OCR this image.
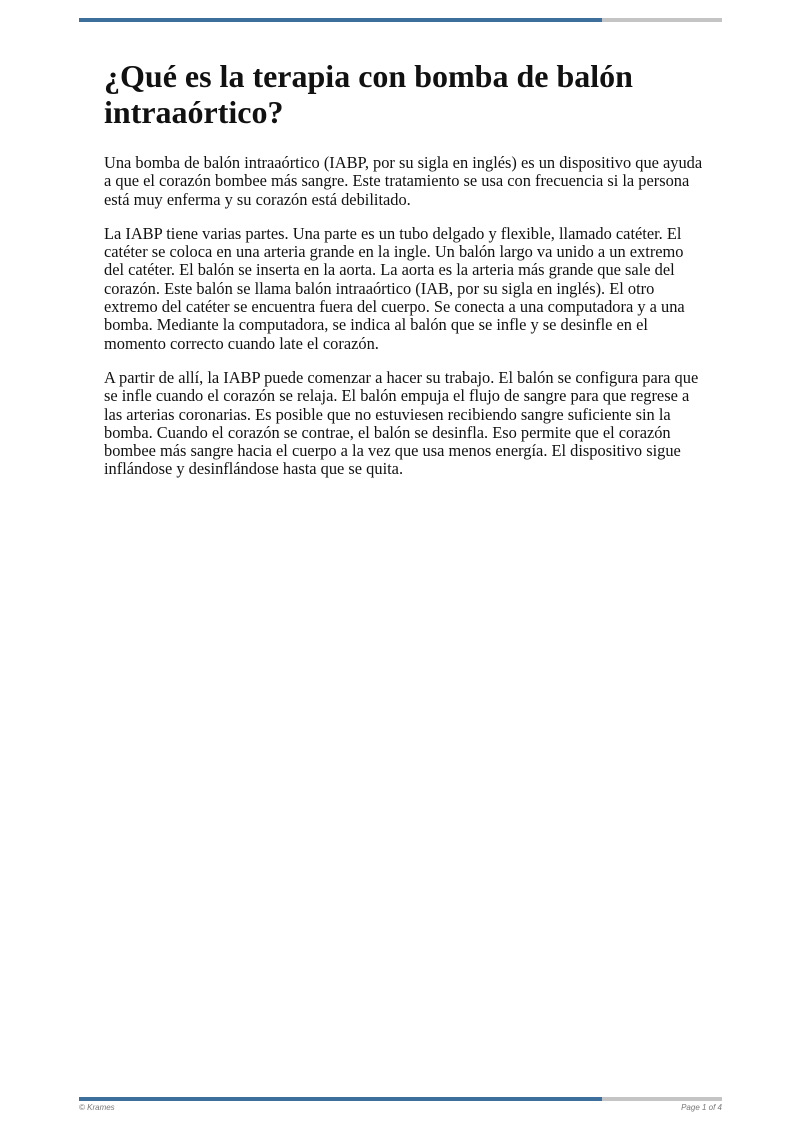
¿Qué es la terapia con bomba de balón intraaórtico?

Una bomba de balón intraaórtico (IABP, por su sigla en inglés) es un dispositivo que ayuda a que el corazón bombee más sangre. Este tratamiento se usa con frecuencia si la persona está muy enferma y su corazón está debilitado.

La IABP tiene varias partes. Una parte es un tubo delgado y flexible, llamado catéter. El catéter se coloca en una arteria grande en la ingle. Un balón largo va unido a un extremo del catéter. El balón se inserta en la aorta. La aorta es la arteria más grande que sale del corazón. Este balón se llama balón intraaórtico (IAB, por su sigla en inglés). El otro extremo del catéter se encuentra fuera del cuerpo. Se conecta a una computadora y a una bomba. Mediante la computadora, se indica al balón que se infle y se desinfle en el momento correcto cuando late el corazón.

A partir de allí, la IABP puede comenzar a hacer su trabajo. El balón se configura para que se infle cuando el corazón se relaja. El balón empuja el flujo de sangre para que regrese a las arterias coronarias. Es posible que no estuviesen recibiendo sangre suficiente sin la bomba. Cuando el corazón se contrae, el balón se desinfla. Eso permite que el corazón bombee más sangre hacia el cuerpo a la vez que usa menos energía. El dispositivo sigue inflándose y desinflándose hasta que se quita.

© Krames	Page 1 of 4
